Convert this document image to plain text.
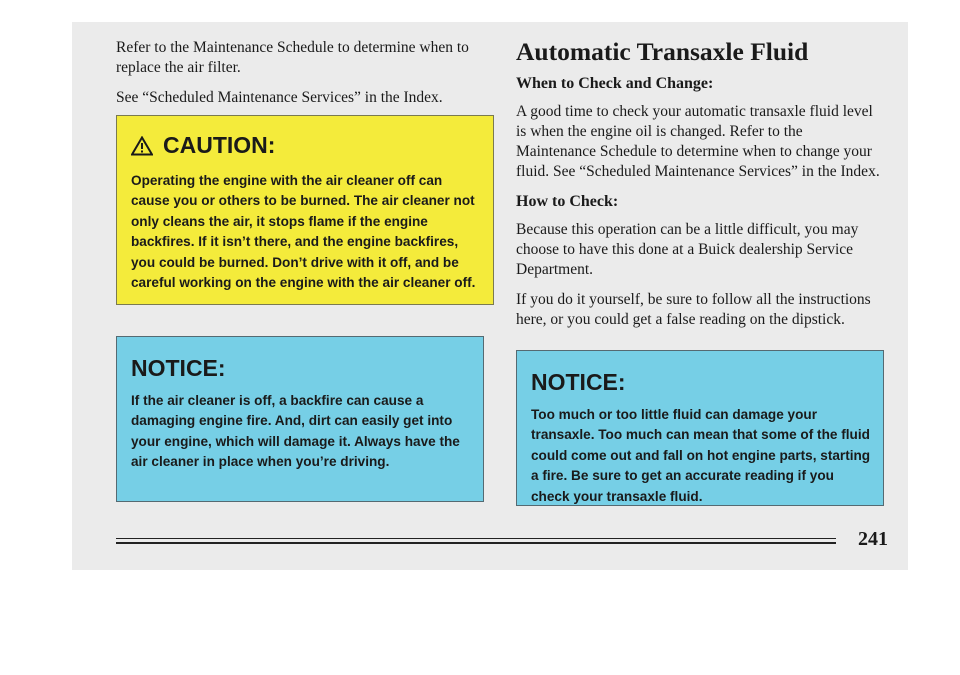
Refer to the Maintenance Schedule to determine when to replace the air filter.

See “Scheduled Maintenance Services” in the Index.

CAUTION:
Operating the engine with the air cleaner off can cause you or others to be burned. The air cleaner not only cleans the air, it stops flame if the engine backfires. If it isn’t there, and the engine backfires, you could be burned. Don’t drive with it off, and be careful working on the engine with the air cleaner off.
NOTICE:
If the air cleaner is off, a backfire can cause a damaging engine fire. And, dirt can easily get into your engine, which will damage it. Always have the air cleaner in place when you’re driving.
Automatic Transaxle Fluid
When to Check and Change:

A good time to check your automatic transaxle fluid level is when the engine oil is changed. Refer to the Maintenance Schedule to determine when to change your fluid. See “Scheduled Maintenance Services” in the Index.

How to Check:

Because this operation can be a little difficult, you may choose to have this done at a Buick dealership Service Department.

If you do it yourself, be sure to follow all the instructions here, or you could get a false reading on the dipstick.

NOTICE:
Too much or too little fluid can damage your transaxle. Too much can mean that some of the fluid could come out and fall on hot engine parts, starting a fire. Be sure to get an accurate reading if you check your transaxle fluid.
241
